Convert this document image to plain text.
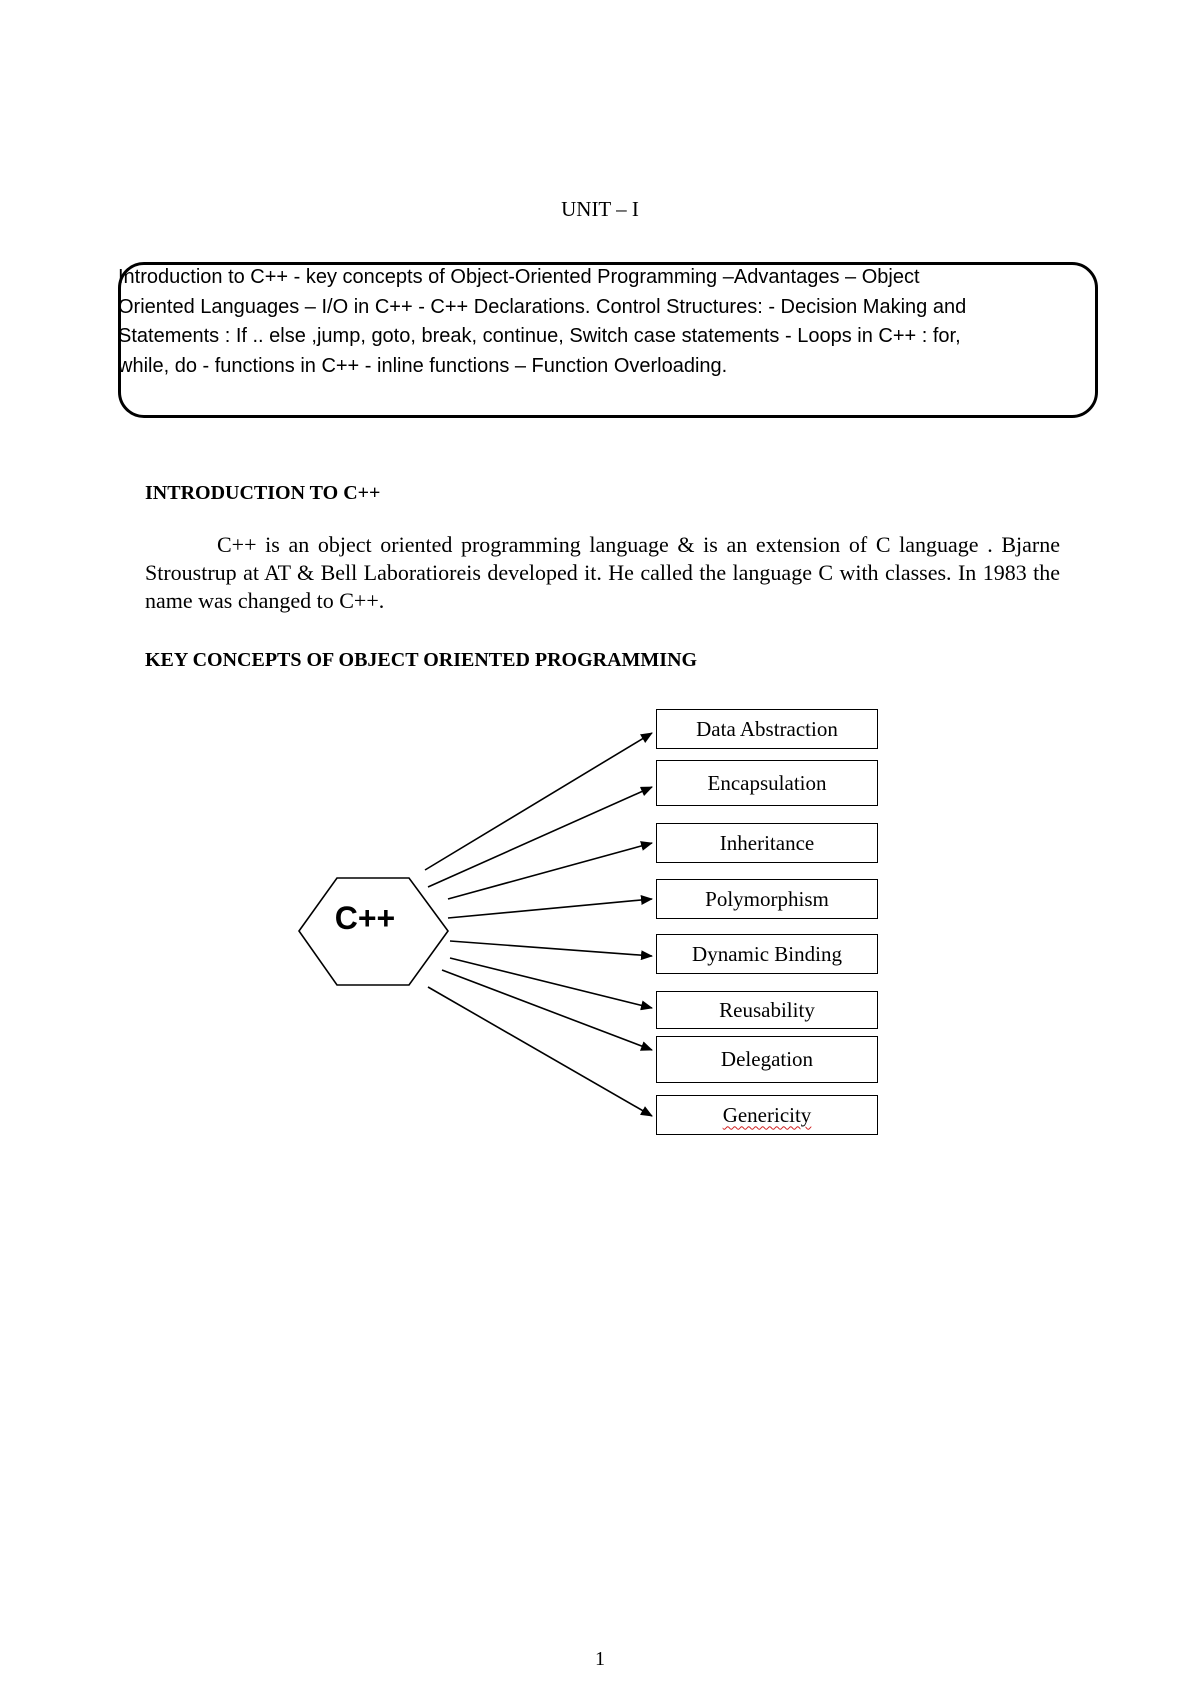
UNIT – I
Introduction to C++ - key concepts of Object-Oriented Programming –Advantages – Object
Oriented Languages – I/O in C++ - C++ Declarations. Control Structures: - Decision Making and
Statements : If .. else ,jump, goto, break, continue, Switch case statements - Loops in C++ : for,
while, do - functions in C++ - inline functions – Function Overloading.
INTRODUCTION TO C++
C++ is an object oriented programming language & is an extension of C language . Bjarne Stroustrup at AT & Bell Laboratioreis developed it. He called the language C with classes. In 1983 the name was changed to C++.
KEY CONCEPTS OF OBJECT ORIENTED PROGRAMMING
C++
Data Abstraction
Encapsulation
Inheritance
Polymorphism
Dynamic Binding
Reusability
Delegation
Genericity
1
